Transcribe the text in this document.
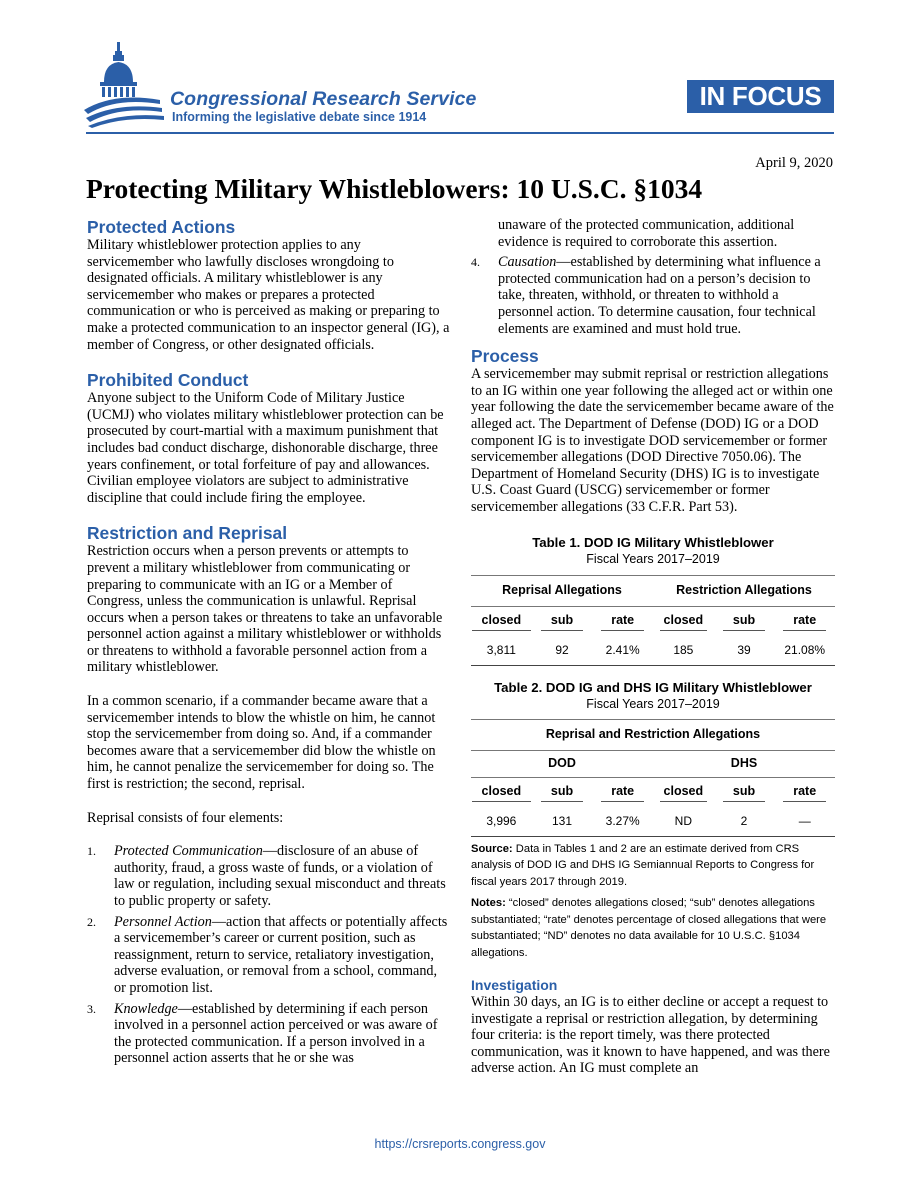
Congressional Research Service
Informing the legislative debate since 1914
IN FOCUS
April 9, 2020
Protecting Military Whistleblowers: 10 U.S.C. §1034
Protected Actions

Military whistleblower protection applies to any servicemember who lawfully discloses wrongdoing to designated officials. A military whistleblower is any servicemember who makes or prepares a protected communication or who is perceived as making or preparing to make a protected communication to an inspector general (IG), a member of Congress, or other designated officials.

Prohibited Conduct

Anyone subject to the Uniform Code of Military Justice (UCMJ) who violates military whistleblower protection can be prosecuted by court-martial with a maximum punishment that includes bad conduct discharge, dishonorable discharge, three years confinement, or total forfeiture of pay and allowances. Civilian employee violators are subject to administrative discipline that could include firing the employee.

Restriction and Reprisal

Restriction occurs when a person prevents or attempts to prevent a military whistleblower from communicating or preparing to communicate with an IG or a Member of Congress, unless the communication is unlawful. Reprisal occurs when a person takes or threatens to take an unfavorable personnel action against a military whistleblower or withholds or threatens to withhold a favorable personnel action from a military whistleblower.

In a common scenario, if a commander became aware that a servicemember intends to blow the whistle on him, he cannot stop the servicemember from doing so. And, if a commander becomes aware that a servicemember did blow the whistle on him, he cannot penalize the servicemember for doing so. The first is restriction; the second, reprisal.

Reprisal consists of four elements:

1. Protected Communication—disclosure of an abuse of authority, fraud, a gross waste of funds, or a violation of law or regulation, including sexual misconduct and threats to public property or safety.
2. Personnel Action—action that affects or potentially affects a servicemember’s career or current position, such as reassignment, return to service, retaliatory investigation, adverse evaluation, or removal from a school, command, or promotion list.
3. Knowledge—established by determining if each person involved in a personnel action perceived or was aware of the protected communication. If a person involved in a personnel action asserts that he or she was
unaware of the protected communication, additional evidence is required to corroborate this assertion.
4. Causation—established by determining what influence a protected communication had on a person’s decision to take, threaten, withhold, or threaten to withhold a personnel action. To determine causation, four technical elements are examined and must hold true.
Process

A servicemember may submit reprisal or restriction allegations to an IG within one year following the alleged act or within one year following the date the servicemember became aware of the alleged act. The Department of Defense (DOD) IG or a DOD component IG is to investigate DOD servicemember or former servicemember allegations (DOD Directive 7050.06). The Department of Homeland Security (DHS) IG is to investigate U.S. Coast Guard (USCG) servicemember or former servicemember allegations (33 C.F.R. Part 53).

Table 1. DOD IG Military Whistleblower
Fiscal Years 2017–2019
Reprisal Allegations	Restriction Allegations
closed	sub	rate	closed	sub	rate
3,811	92	2.41%	185	39	21.08%
Table 2. DOD IG and DHS IG Military Whistleblower
Fiscal Years 2017–2019
Reprisal and Restriction Allegations
DOD	DHS
closed	sub	rate	closed	sub	rate
3,996	131	3.27%	ND	2	—

Source: Data in Tables 1 and 2 are an estimate derived from CRS analysis of DOD IG and DHS IG Semiannual Reports to Congress for fiscal years 2017 through 2019.

Notes: “closed” denotes allegations closed; “sub” denotes allegations substantiated; “rate” denotes percentage of closed allegations that were substantiated; “ND” denotes no data available for 10 U.S.C. §1034 allegations.

Investigation

Within 30 days, an IG is to either decline or accept a request to investigate a reprisal or restriction allegation, by determining four criteria: is the report timely, was there protected communication, was it known to have happened, and was there adverse action. An IG must complete an

https://crsreports.congress.gov
